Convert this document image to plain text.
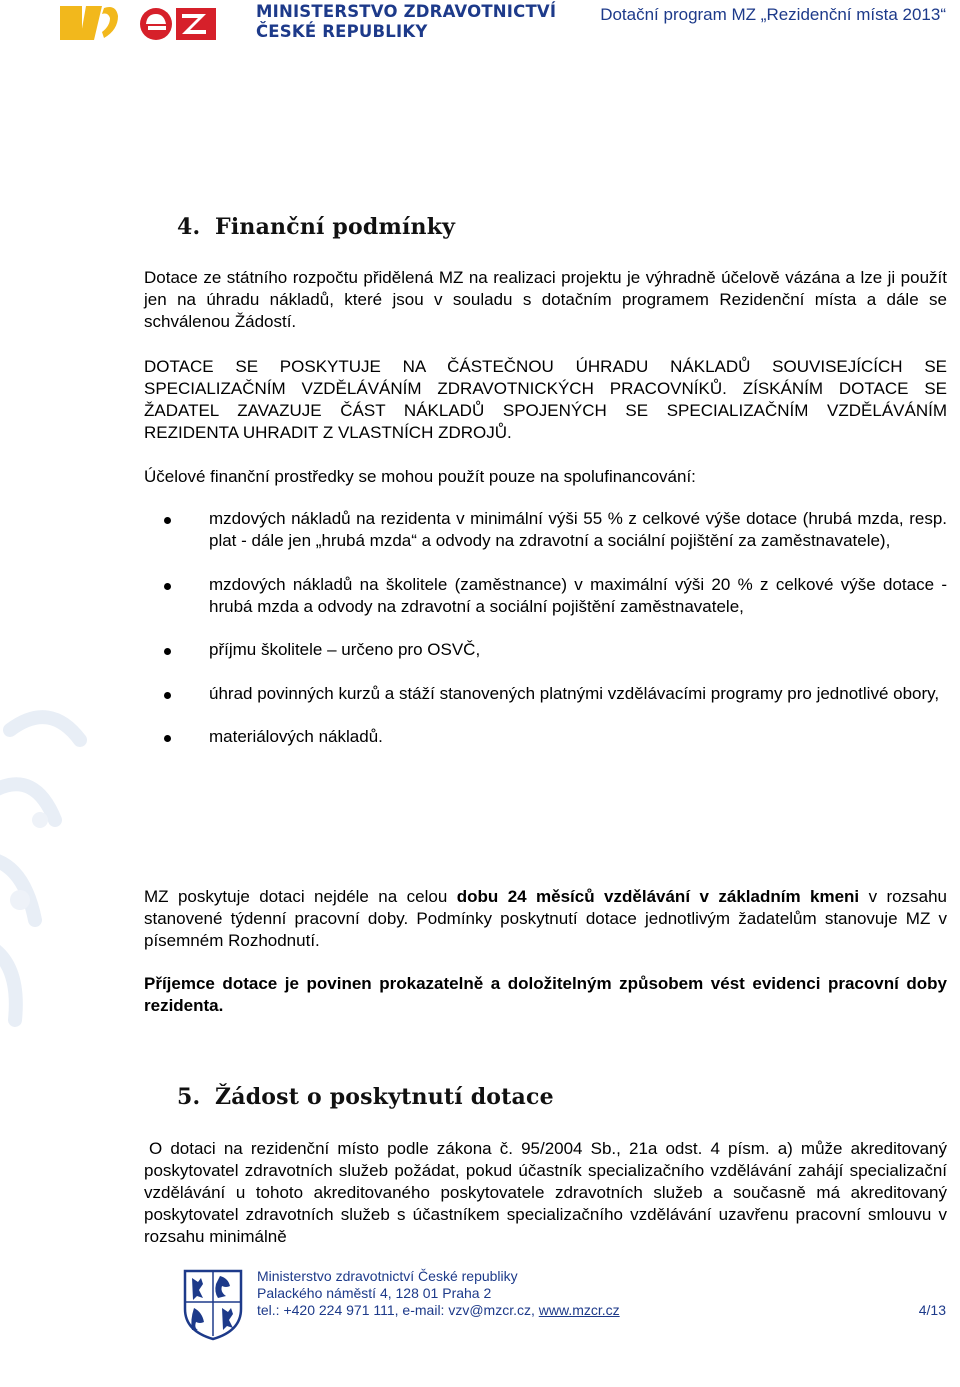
MINISTERSTVO ZDRAVOTNICTVÍ
ČESKÉ REPUBLIKY
Dotační program MZ „Rezidenční místa 2013“
4. Finanční podmínky

Dotace ze státního rozpočtu přidělená MZ na realizaci projektu je výhradně účelově vázána a lze ji použít jen na úhradu nákladů, které jsou v souladu s dotačním programem Rezidenční místa a dále se schválenou Žádostí.

DOTACE SE POSKYTUJE NA ČÁSTEČNOU ÚHRADU NÁKLADŮ SOUVISEJÍCÍCH SE SPECIALIZAČNÍM VZDĚLÁVÁNÍM ZDRAVOTNICKÝCH PRACOVNÍKŮ. ZÍSKÁNÍM DOTACE SE ŽADATEL ZAVAZUJE ČÁST NÁKLADŮ SPOJENÝCH SE SPECIALIZAČNÍM VZDĚLÁVÁNÍM REZIDENTA UHRADIT Z VLASTNÍCH ZDROJŮ.

Účelové finanční prostředky se mohou použít pouze na spolufinancování:

mzdových nákladů na rezidenta v minimální výši 55 % z celkové výše dotace (hrubá mzda, resp. plat - dále jen „hrubá mzda“ a odvody na zdravotní a sociální pojištění za zaměstnavatele),
mzdových nákladů na školitele (zaměstnance) v maximální výši 20 % z celkové výše dotace - hrubá mzda a odvody na zdravotní a sociální pojištění zaměstnavatele,
příjmu školitele – určeno pro OSVČ,
úhrad povinných kurzů a stáží stanovených platnými vzdělávacími programy pro jednotlivé obory,
materiálových nákladů.

MZ poskytuje dotaci nejdéle na celou dobu 24 měsíců vzdělávání v základním kmeni v rozsahu stanovené týdenní pracovní doby. Podmínky poskytnutí dotace jednotlivým žadatelům stanovuje MZ v písemném Rozhodnutí.

Příjemce dotace je povinen prokazatelně a doložitelným způsobem vést evidenci pracovní doby rezidenta.

5. Žádost o poskytnutí dotace

O dotaci na rezidenční místo podle zákona č. 95/2004 Sb., 21a odst. 4 písm. a) může akreditovaný poskytovatel zdravotních služeb požádat, pokud účastník specializačního vzdělávání zahájí specializační vzdělávání u tohoto akreditovaného poskytovatele zdravotních služeb a současně má akreditovaný poskytovatel zdravotních služeb s účastníkem specializačního vzdělávání uzavřenu pracovní smlouvu v rozsahu minimálně

Ministerstvo zdravotnictví České republiky
Palackého náměstí 4, 128 01 Praha 2
tel.: +420 224 971 111, e-mail: vzv@mzcr.cz, www.mzcr.cz	4/13
